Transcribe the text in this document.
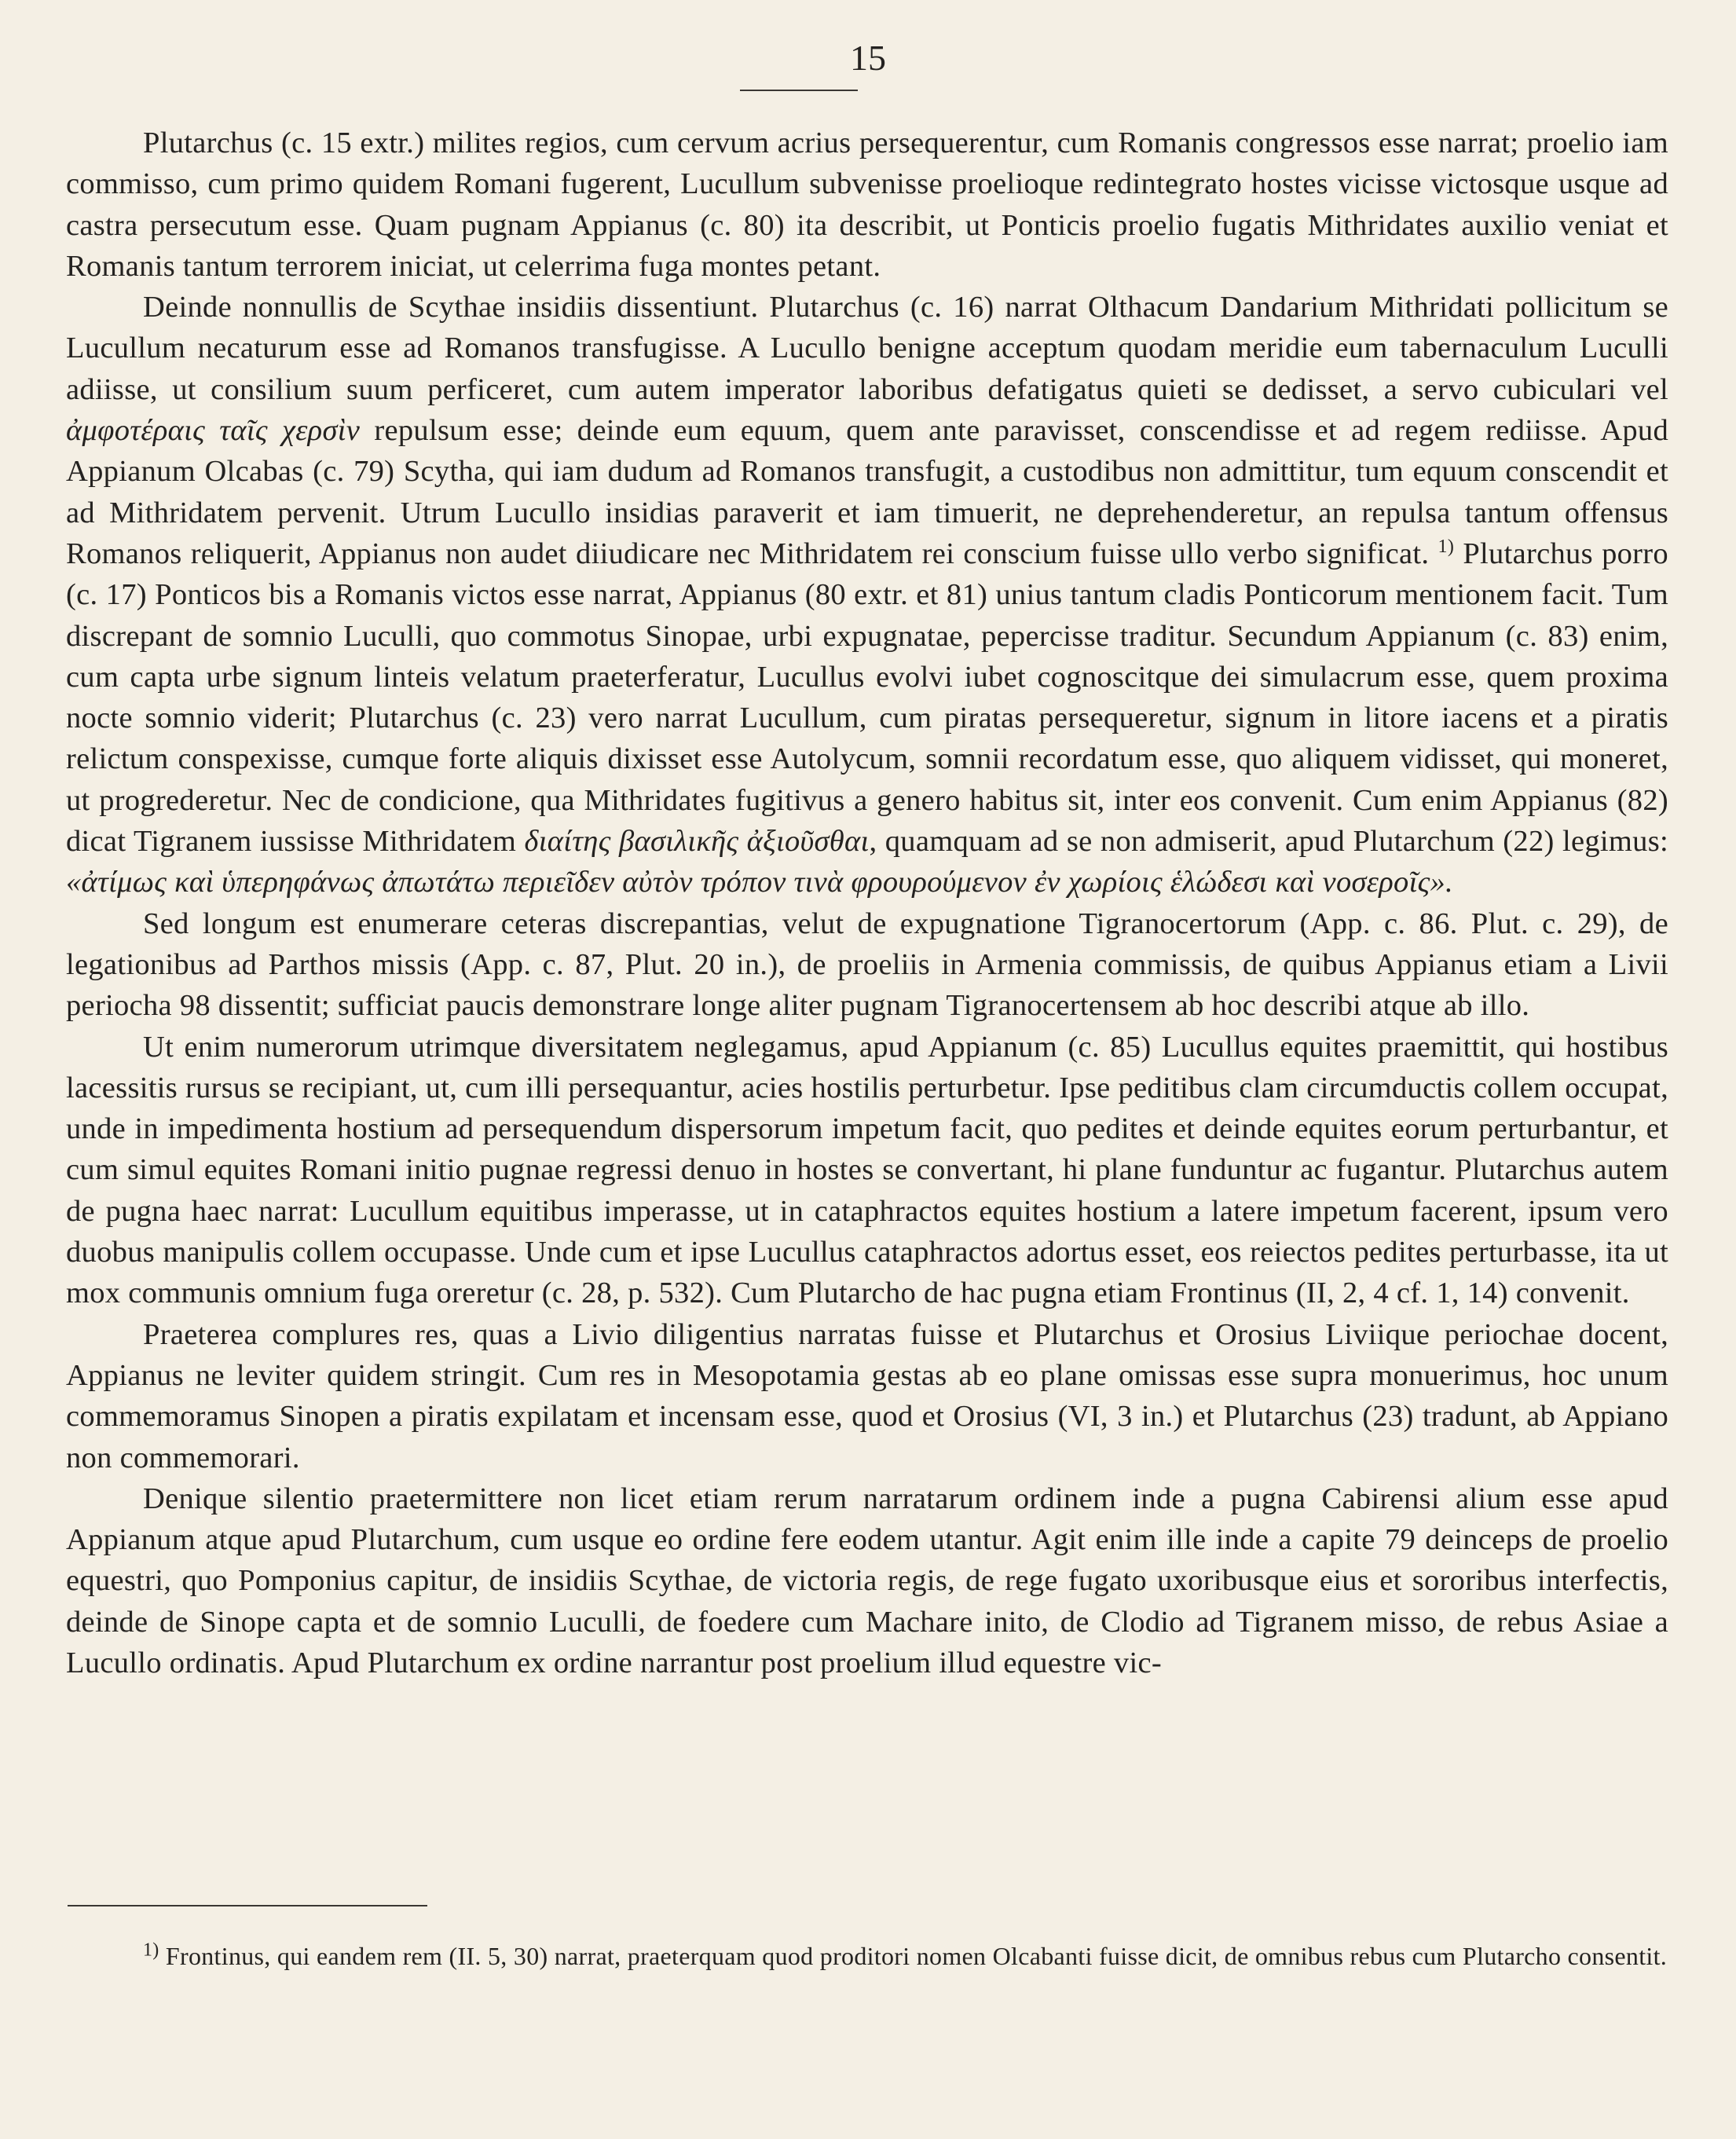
15

Plutarchus (c. 15 extr.) milites regios, cum cervum acrius persequerentur, cum Romanis congressos esse narrat; proelio iam commisso, cum primo quidem Romani fugerent, Lucullum subvenisse proelioque redintegrato hostes vicisse victosque usque ad castra persecutum esse. Quam pugnam Appianus (c. 80) ita describit, ut Ponticis proelio fugatis Mithridates auxilio veniat et Romanis tantum terrorem iniciat, ut celerrima fuga montes petant.

Deinde nonnullis de Scythae insidiis dissentiunt. Plutarchus (c. 16) narrat Olthacum Dandarium Mithridati pollicitum se Lucullum necaturum esse ad Romanos transfugisse. A Lucullo benigne acceptum quodam meridie eum tabernaculum Luculli adiisse, ut consilium suum perficeret, cum autem imperator laboribus defatigatus quieti se dedisset, a servo cubiculari vel ἀμφοτέραις ταῖς χερσὶν repulsum esse; deinde eum equum, quem ante paravisset, conscendisse et ad regem rediisse. Apud Appianum Olcabas (c. 79) Scytha, qui iam dudum ad Romanos transfugit, a custodibus non admittitur, tum equum conscendit et ad Mithridatem pervenit. Utrum Lucullo insidias paraverit et iam timuerit, ne deprehenderetur, an repulsa tantum offensus Romanos reliquerit, Appianus non audet diiudicare nec Mithridatem rei conscium fuisse ullo verbo significat. $^{1)}$ Plutarchus porro (c. 17) Ponticos bis a Romanis victos esse narrat, Appianus (80 extr. et 81) unius tantum cladis Ponticorum mentionem facit. Tum discrepant de somnio Luculli, quo commotus Sinopae, urbi expugnatae, pepercisse traditur. Secundum Appianum (c. 83) enim, cum capta urbe signum linteis velatum praeterferatur, Lucullus evolvi iubet cognoscitque dei simulacrum esse, quem proxima nocte somnio viderit; Plutarchus (c. 23) vero narrat Lucullum, cum piratas persequeretur, signum in litore iacens et a piratis relictum conspexisse, cumque forte aliquis dixisset esse Autolycum, somnii recordatum esse, quo aliquem vidisset, qui moneret, ut progrederetur. Nec de condicione, qua Mithridates fugitivus a genero habitus sit, inter eos convenit. Cum enim Appianus (82) dicat Tigranem iussisse Mithridatem διαίτης βασιλικῆς ἀξιοῦσθαι, quamquam ad se non admiserit, apud Plutarchum (22) legimus: «ἀτίμως καὶ ὑπερηφάνως ἀπωτάτω περιεῖδεν αὐτὸν τρόπον τινὰ φρουρούμενον ἐν χωρίοις ἑλώδεσι καὶ νοσεροῖς».

Sed longum est enumerare ceteras discrepantias, velut de expugnatione Tigranocertorum (App. c. 86. Plut. c. 29), de legationibus ad Parthos missis (App. c. 87, Plut. 20 in.), de proeliis in Armenia commissis, de quibus Appianus etiam a Livii periocha 98 dissentit; sufficiat paucis demonstrare longe aliter pugnam Tigranocertensem ab hoc describi atque ab illo.

Ut enim numerorum utrimque diversitatem neglegamus, apud Appianum (c. 85) Lucullus equites praemittit, qui hostibus lacessitis rursus se recipiant, ut, cum illi persequantur, acies hostilis perturbetur. Ipse peditibus clam circumductis collem occupat, unde in impedimenta hostium ad persequendum dispersorum impetum facit, quo pedites et deinde equites eorum perturbantur, et cum simul equites Romani initio pugnae regressi denuo in hostes se convertant, hi plane funduntur ac fugantur. Plutarchus autem de pugna haec narrat: Lucullum equitibus imperasse, ut in cataphractos equites hostium a latere impetum facerent, ipsum vero duobus manipulis collem occupasse. Unde cum et ipse Lucullus cataphractos adortus esset, eos reiectos pedites perturbasse, ita ut mox communis omnium fuga oreretur (c. 28, p. 532). Cum Plutarcho de hac pugna etiam Frontinus (II, 2, 4 cf. 1, 14) convenit.

Praeterea complures res, quas a Livio diligentius narratas fuisse et Plutarchus et Orosius Liviique periochae docent, Appianus ne leviter quidem stringit. Cum res in Mesopotamia gestas ab eo plane omissas esse supra monuerimus, hoc unum commemoramus Sinopen a piratis expilatam et incensam esse, quod et Orosius (VI, 3 in.) et Plutarchus (23) tradunt, ab Appiano non commemorari.

Denique silentio praetermittere non licet etiam rerum narratarum ordinem inde a pugna Cabirensi alium esse apud Appianum atque apud Plutarchum, cum usque eo ordine fere eodem utantur. Agit enim ille inde a capite 79 deinceps de proelio equestri, quo Pomponius capitur, de insidiis Scythae, de victoria regis, de rege fugato uxoribusque eius et sororibus interfectis, deinde de Sinope capta et de somnio Luculli, de foedere cum Machare inito, de Clodio ad Tigranem misso, de rebus Asiae a Lucullo ordinatis. Apud Plutarchum ex ordine narrantur post proelium illud equestre vic-

$^{1)}$ Frontinus, qui eandem rem (II. 5, 30) narrat, praeterquam quod proditori nomen Olcabanti fuisse dicit, de omnibus rebus cum Plutarcho consentit.
